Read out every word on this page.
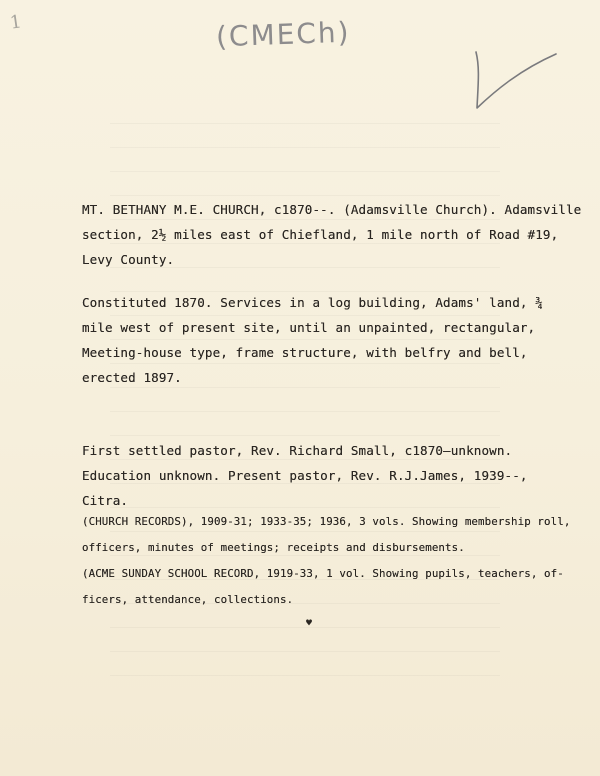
1	(CMECh)
MT. BETHANY M.E. CHURCH, c1870--. (Adamsville Church). Adamsville
section, 2½ miles east of Chiefland, 1 mile north of Road #19,
Levy County.
Constituted 1870. Services in a log building, Adams' land, ¾
mile west of present site, until an unpainted, rectangular,
Meeting-house type, frame structure, with belfry and bell,
erected 1897.
First settled pastor, Rev. Richard Small, c1870—unknown.
Education unknown. Present pastor, Rev. R.J.James, 1939--,
Citra.
(CHURCH RECORDS), 1909-31; 1933-35; 1936, 3 vols. Showing membership roll,
officers, minutes of meetings; receipts and disbursements.
(ACME SUNDAY SCHOOL RECORD, 1919-33, 1 vol. Showing pupils, teachers, of-
ficers, attendance, collections.
♥
